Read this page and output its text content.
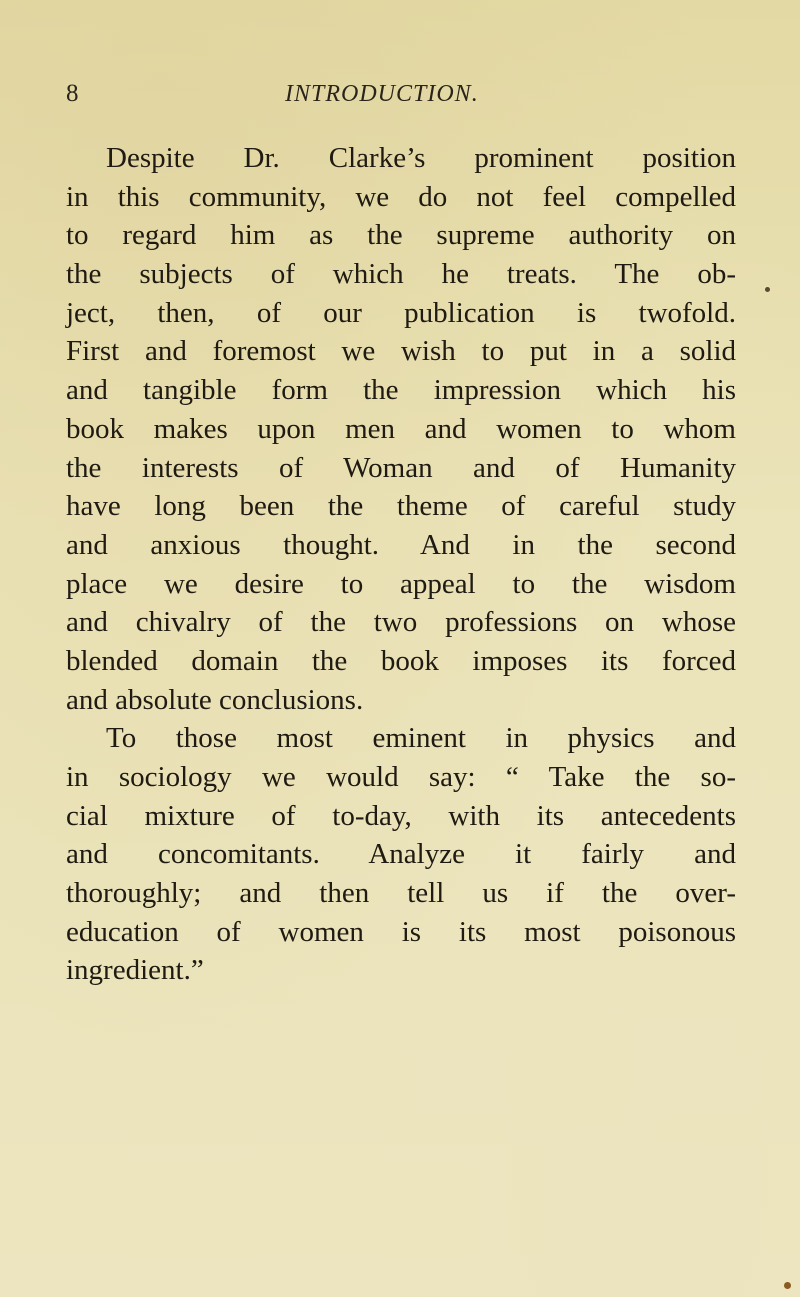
8	INTRODUCTION.
Despite Dr. Clarke’s prominent position
in this community, we do not feel compelled
to regard him as the supreme authority on
the subjects of which he treats. The ob-
ject, then, of our publication is twofold.
First and foremost we wish to put in a solid
and tangible form the impression which his
book makes upon men and women to whom
the interests of Woman and of Humanity
have long been the theme of careful study
and anxious thought. And in the second
place we desire to appeal to the wisdom
and chivalry of the two professions on whose
blended domain the book imposes its forced
and absolute conclusions.
To those most eminent in physics and
in sociology we would say: “ Take the so-
cial mixture of to-day, with its antecedents
and concomitants. Analyze it fairly and
thoroughly; and then tell us if the over-
education of women is its most poisonous
ingredient.”
